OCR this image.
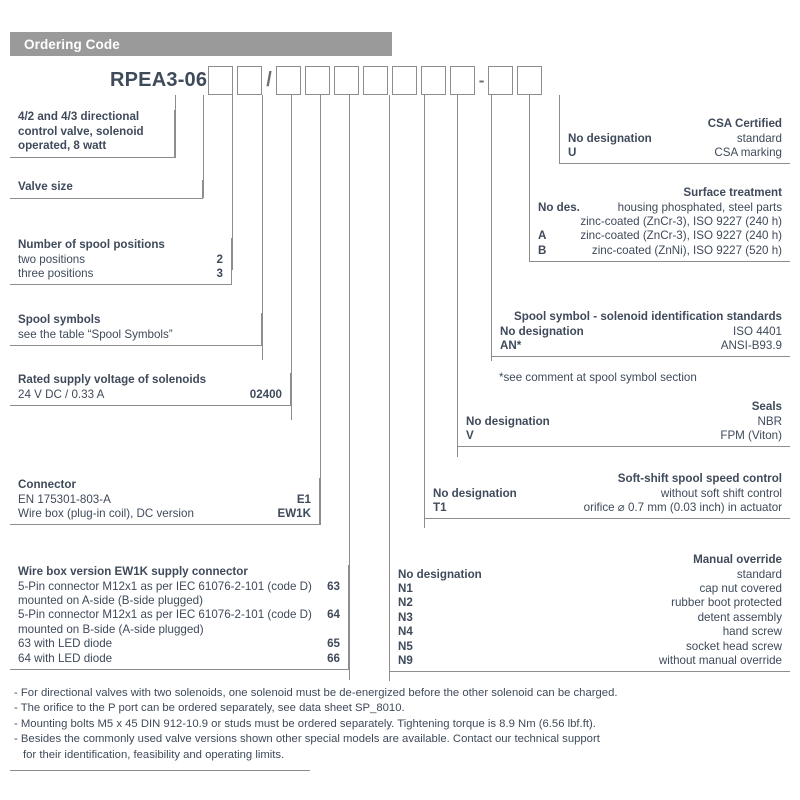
Ordering Code
RPEA3-06	/	-
4/2 and 4/3 directional
control valve, solenoid
operated, 8 watt
Valve size
Number of spool positions
two positions	2
three positions	3
Spool symbols
see the table “Spool Symbols”
Rated supply voltage of solenoids
24 V DC / 0.33 A	02400
Connector
EN 175301-803-A	E1
Wire box (plug-in coil), DC version	EW1K
Wire box version EW1K supply connector
5-Pin connector M12x1 as per IEC 61076-2-101 (code D)	63
mounted on A-side (B-side plugged)
5-Pin connector M12x1 as per IEC 61076-2-101 (code D)	64
mounted on B-side (A-side plugged)
63 with LED diode	65
64 with LED diode	66
CSA Certified
No designation	standard
U	CSA marking
Surface treatment
No des.	housing phosphated, steel parts
zinc-coated (ZnCr-3), ISO 9227 (240 h)
A	zinc-coated (ZnCr-3), ISO 9227 (240 h)
B	zinc-coated (ZnNi), ISO 9227 (520 h)
Spool symbol - solenoid identification standards
No designation	ISO 4401
AN*	ANSI-B93.9
*see comment at spool symbol section
Seals
No designation	NBR
V	FPM (Viton)
Soft-shift spool speed control
No designation	without soft shift control
T1	orifice ⌀ 0.7 mm (0.03 inch) in actuator
Manual override
No designation	standard
N1	cap nut covered
N2	rubber boot protected
N3	detent assembly
N4	hand screw
N5	socket head screw
N9	without manual override
- For directional valves with two solenoids, one solenoid must be de-energized before the other solenoid can be charged.
- The orifice to the P port can be ordered separately, see data sheet SP_8010.
- Mounting bolts M5 x 45 DIN 912-10.9 or studs must be ordered separately. Tightening torque is 8.9 Nm (6.56 lbf.ft).
- Besides the commonly used valve versions shown other special models are available. Contact our technical support
for their identification, feasibility and operating limits.
